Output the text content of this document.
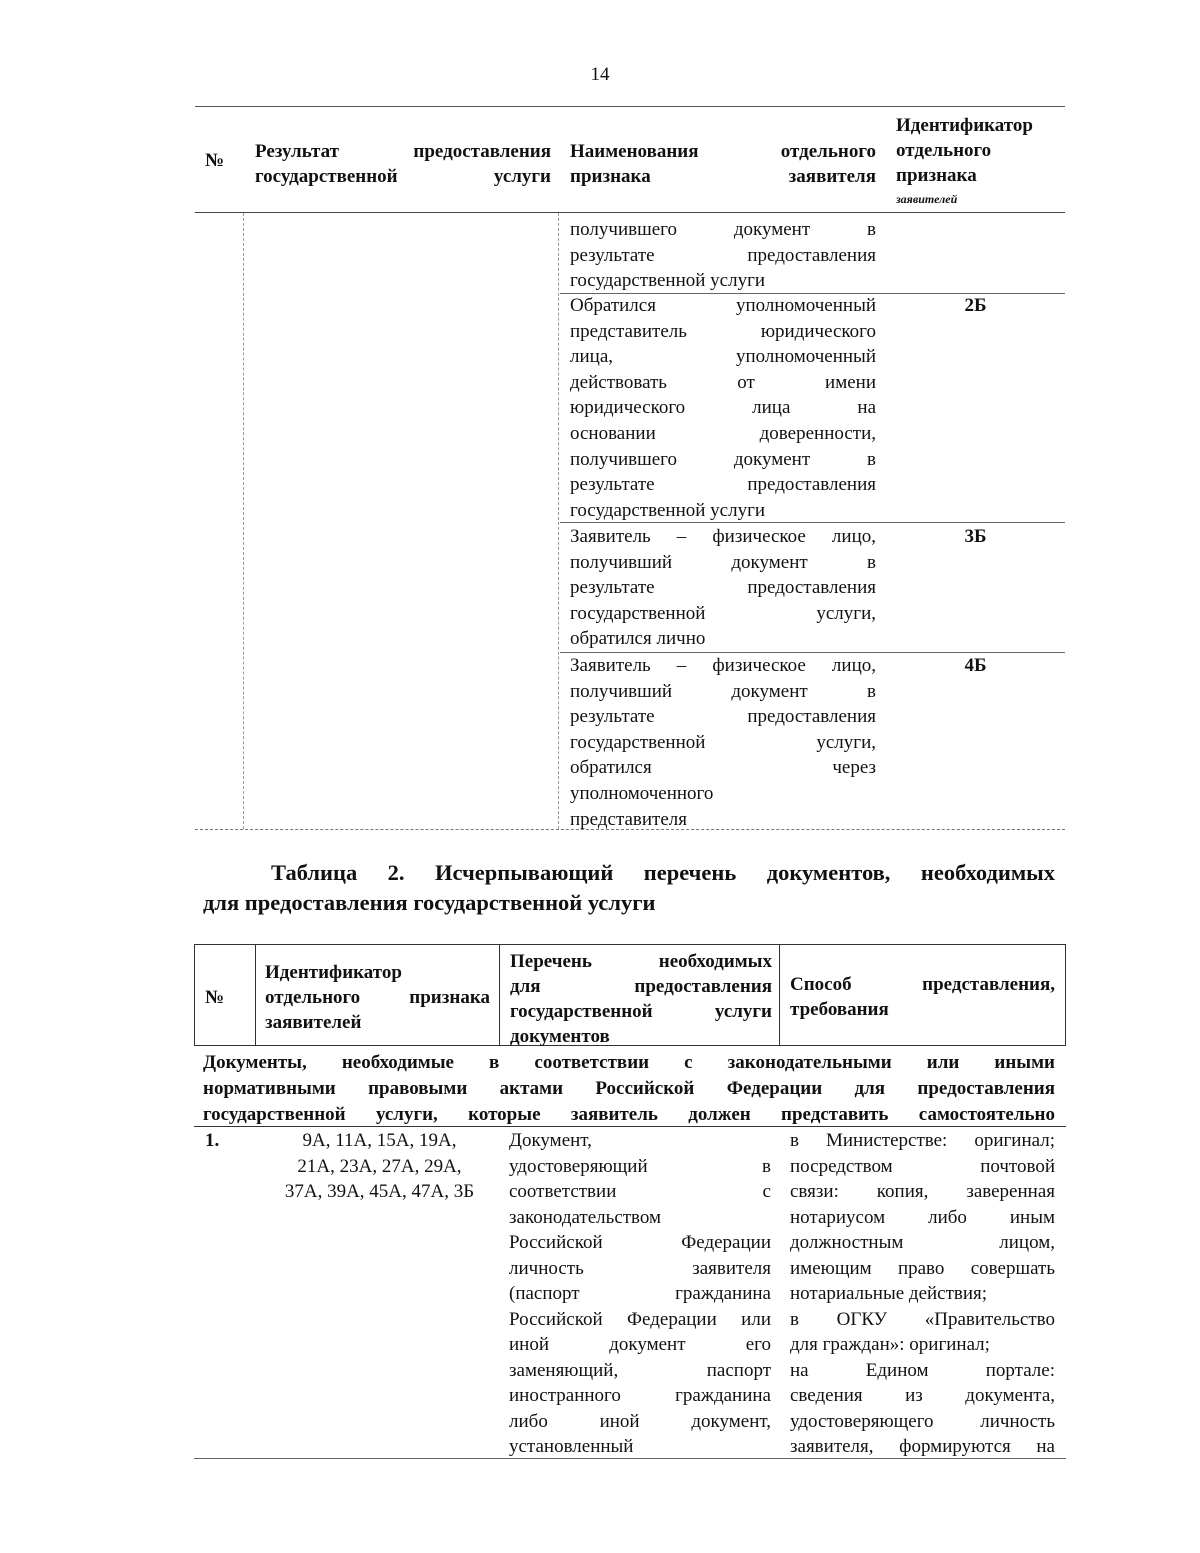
14
№ Результат предоставления государственной услуги
Наименования отдельного признака заявителя
Идентификатор отдельного признака
заявителей
получившего документ в
результате предоставления
государственной услуги
Обратился уполномоченный
представитель юридического
лица, уполномоченный
действовать от имени
юридического лица на
основании доверенности,
получившего документ в
результате предоставления
государственной услуги
2Б
Заявитель – физическое лицо,
получивший документ в
результате предоставления
государственной услуги,
обратился лично
3Б
Заявитель – физическое лицо,
получивший документ в
результате предоставления
государственной услуги,
обратился через
уполномоченного
представителя
4Б
Таблица 2. Исчерпывающий перечень документов, необходимых
для предоставления государственной услуги
№
Идентификатор отдельного признака заявителей
Перечень необходимых
для предоставления
государственной услуги
документов
Способ представления, требования
Документы, необходимые в соответствии с законодательными или иными
нормативными правовыми актами Российской Федерации для предоставления
государственной услуги, которые заявитель должен представить самостоятельно
1.	9А, 11А, 15А, 19А,
21А, 23А, 27А, 29А,
37А, 39А, 45А, 47А, 3Б
Документ,
удостоверяющий в
соответствии с
законодательством
Российской Федерации
личность заявителя
(паспорт гражданина
Российской Федерации или
иной документ его
заменяющий, паспорт
иностранного гражданина
либо иной документ,
установленный
в Министерстве: оригинал;
посредством почтовой
связи: копия, заверенная
нотариусом либо иным
должностным лицом,
имеющим право совершать
нотариальные действия;
в ОГКУ «Правительство
для граждан»: оригинал;
на Едином портале:
сведения из документа,
удостоверяющего личность
заявителя, формируются на
